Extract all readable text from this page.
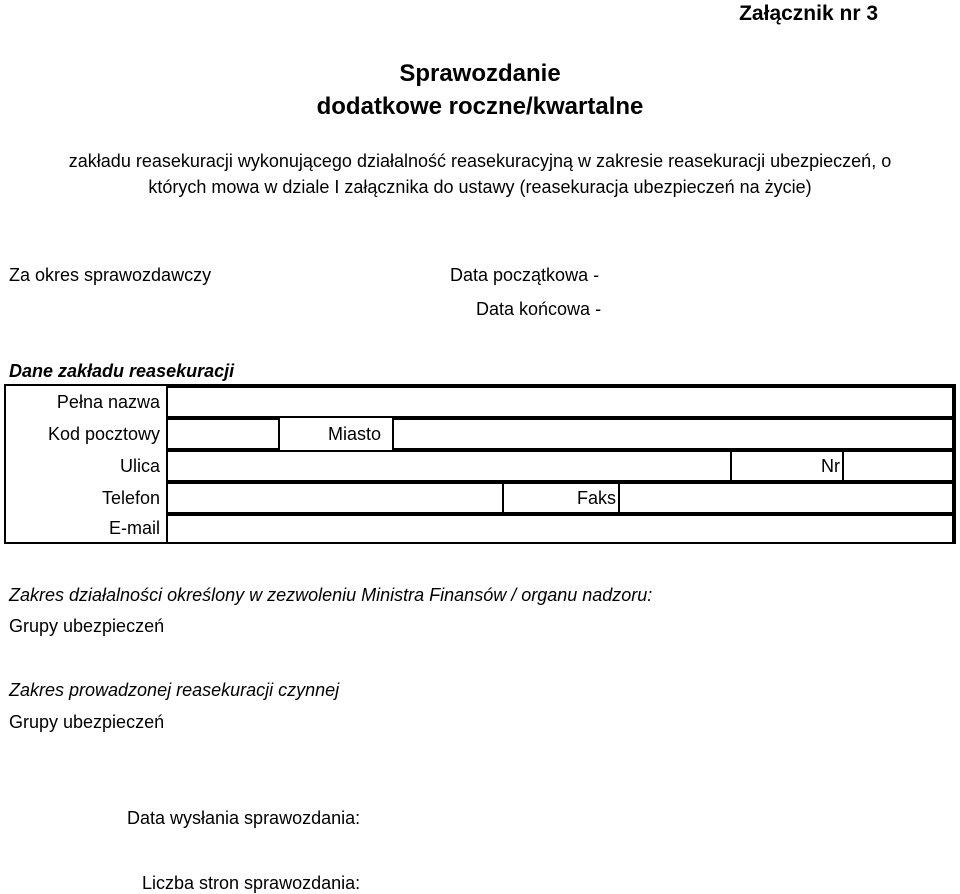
Załącznik nr 3
Sprawozdanie
dodatkowe roczne/kwartalne
zakładu reasekuracji wykonującego działalność reasekuracyjną w zakresie reasekuracji ubezpieczeń, o
których mowa w dziale I załącznika do ustawy (reasekuracja ubezpieczeń na życie)
Za okres sprawozdawczy	Data początkowa -
Data końcowa -
Dane zakładu reasekuracji
Pełna nazwa
Kod pocztowy	Miasto
Ulica	Nr
Telefon	Faks
E-mail
Zakres działalności określony w zezwoleniu Ministra Finansów / organu nadzoru:
Grupy ubezpieczeń
Zakres prowadzonej reasekuracji czynnej
Grupy ubezpieczeń
Data wysłania sprawozdania:
Liczba stron sprawozdania:
